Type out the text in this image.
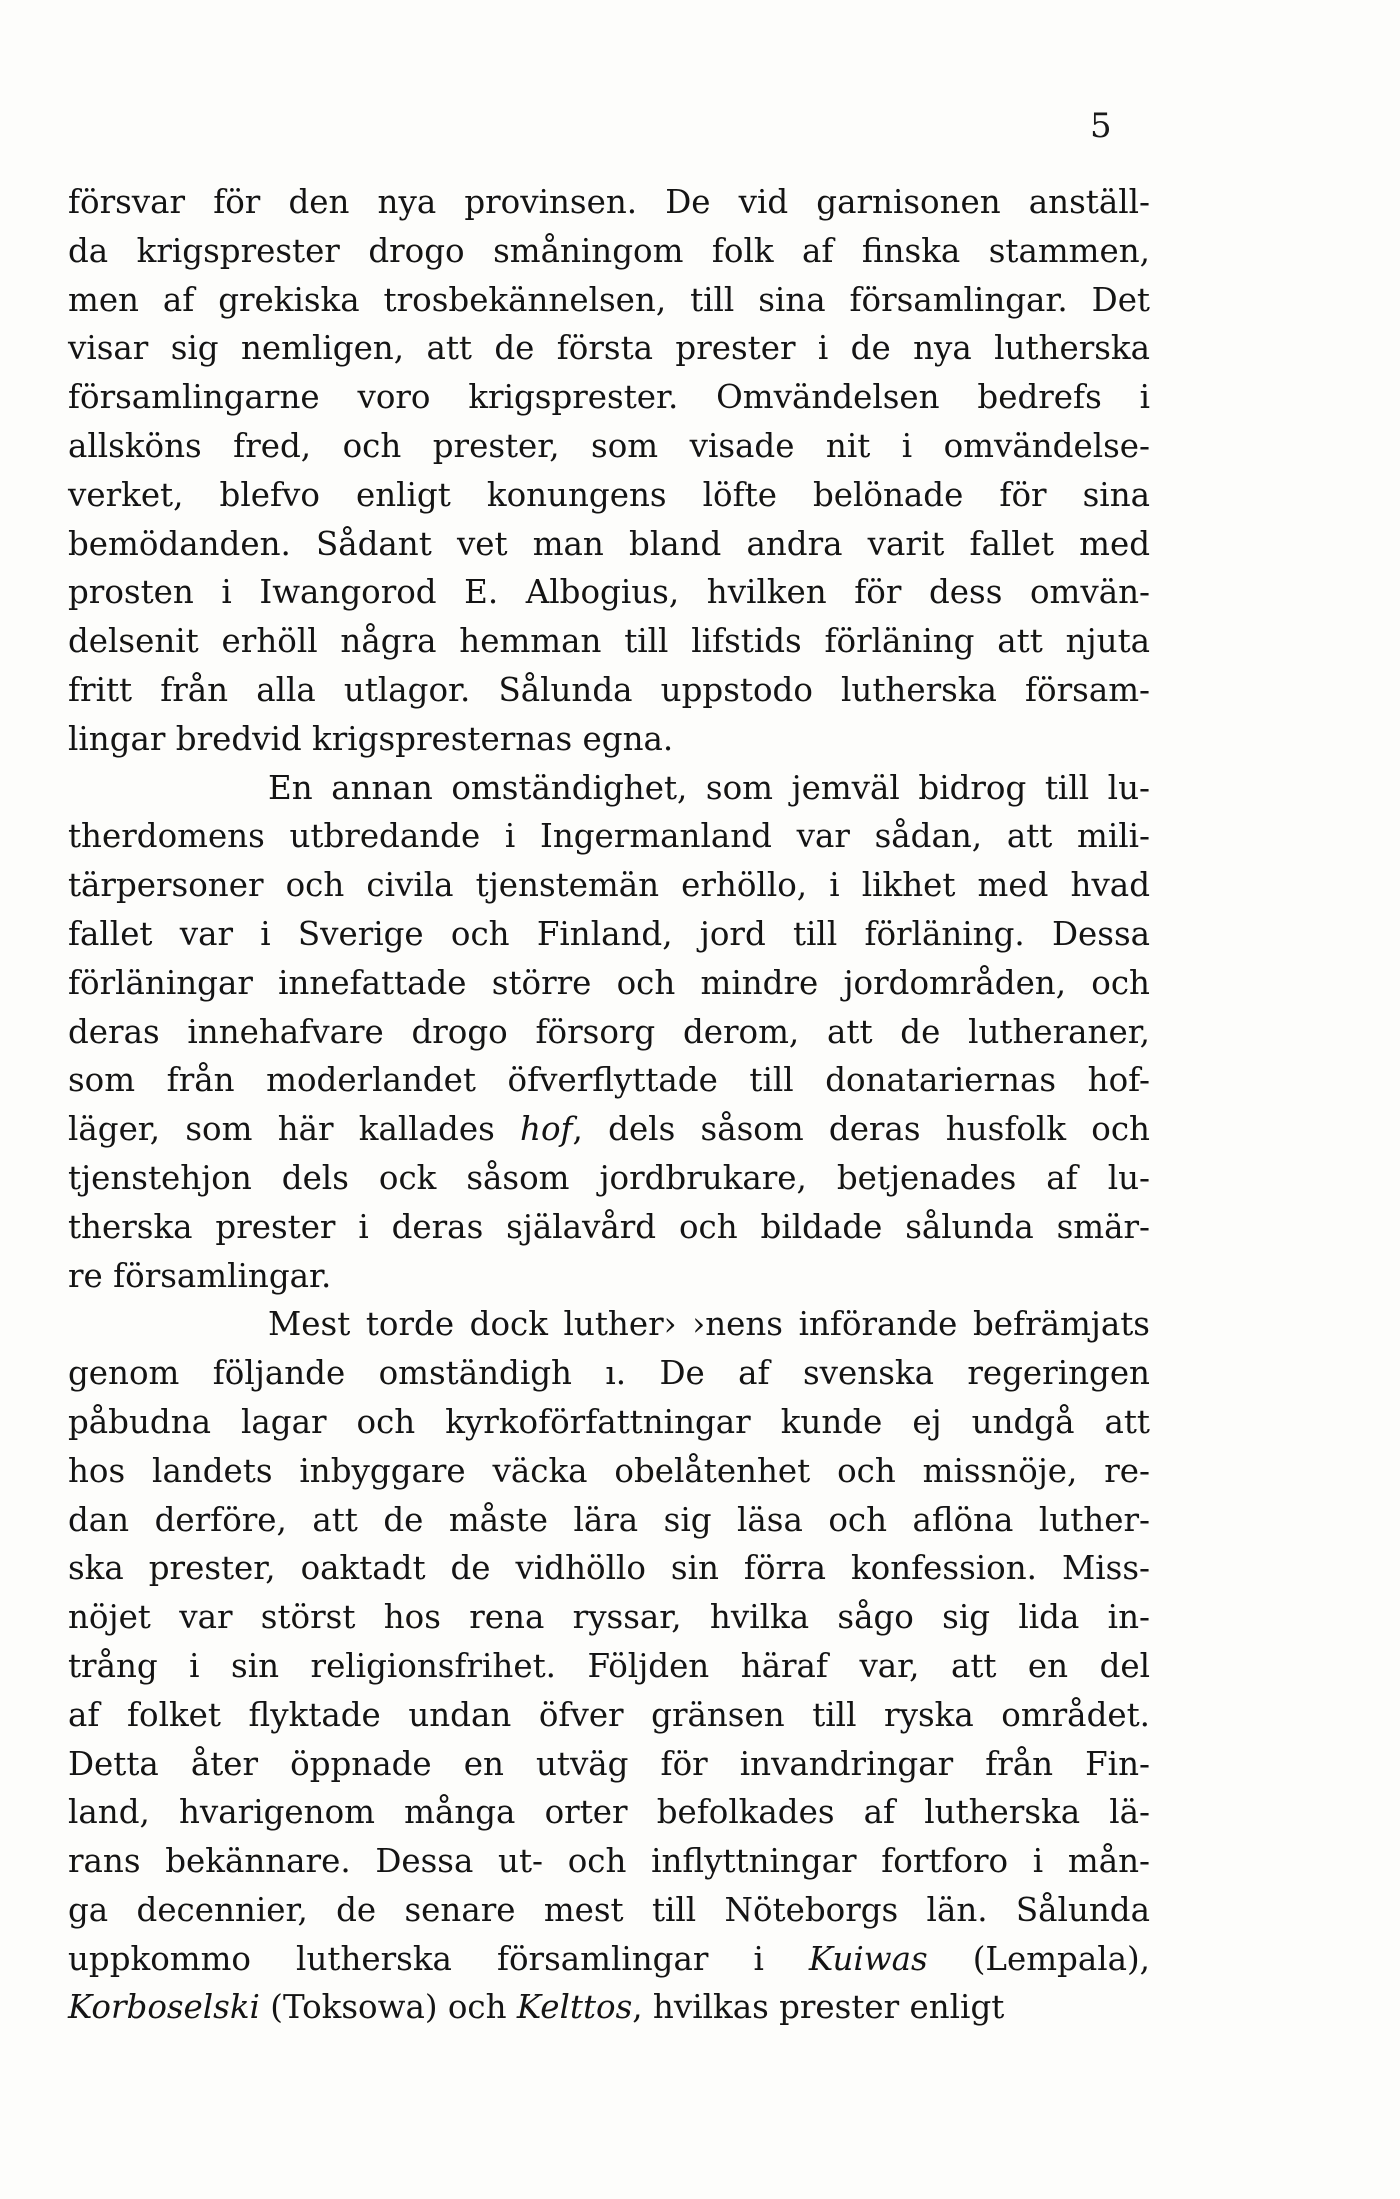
5
försvar för den nya provinsen. De vid garnisonen anställ-
da krigsprester drogo småningom folk af finska stammen,
men af grekiska trosbekännelsen, till sina församlingar. Det
visar sig nemligen, att de första prester i de nya lutherska
församlingarne voro krigsprester. Omvändelsen bedrefs i
allsköns fred, och prester, som visade nit i omvändelse-
verket, blefvo enligt konungens löfte belönade för sina
bemödanden. Sådant vet man bland andra varit fallet med
prosten i Iwangorod E. Albogius, hvilken för dess omvän-
delsenit erhöll några hemman till lifstids förläning att njuta
fritt från alla utlagor. Sålunda uppstodo lutherska försam-
lingar bredvid krigspresternas egna.
En annan omständighet, som jemväl bidrog till lu-
therdomens utbredande i Ingermanland var sådan, att mili-
tärpersoner och civila tjenstemän erhöllo, i likhet med hvad
fallet var i Sverige och Finland, jord till förläning. Dessa
förläningar innefattade större och mindre jordområden, och
deras innehafvare drogo försorg derom, att de lutheraner,
som från moderlandet öfverflyttade till donatariernas hof-
läger, som här kallades hof, dels såsom deras husfolk och
tjenstehjon dels ock såsom jordbrukare, betjenades af lu-
therska prester i deras själavård och bildade sålunda smär-
re församlingar.
Mest torde dock luther› ›nens införande befrämjats
genom följande omständigh ı. De af svenska regeringen
påbudna lagar och kyrkoförfattningar kunde ej undgå att
hos landets inbyggare väcka obelåtenhet och missnöje, re-
dan derföre, att de måste lära sig läsa och aflöna luther-
ska prester, oaktadt de vidhöllo sin förra konfession. Miss-
nöjet var störst hos rena ryssar, hvilka sågo sig lida in-
trång i sin religionsfrihet. Följden häraf var, att en del
af folket flyktade undan öfver gränsen till ryska området.
Detta åter öppnade en utväg för invandringar från Fin-
land, hvarigenom många orter befolkades af lutherska lä-
rans bekännare. Dessa ut- och inflyttningar fortforo i mån-
ga decennier, de senare mest till Nöteborgs län. Sålunda
uppkommo lutherska församlingar i Kuiwas (Lempala),
Korboselski (Toksowa) och Kelttos, hvilkas prester enligt
